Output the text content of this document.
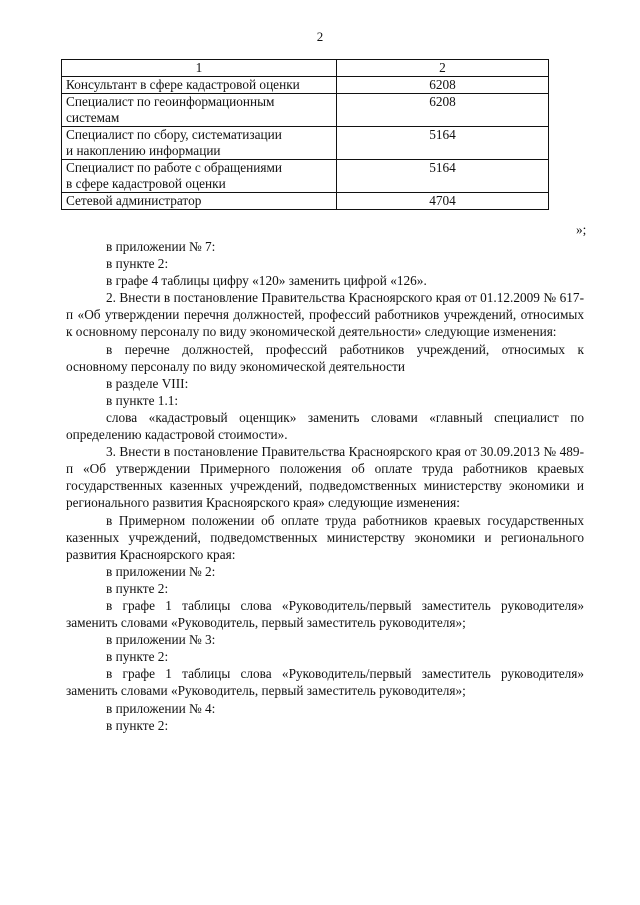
2
1	2
Консультант в сфере кадастровой оценки	6208
Специалист по геоинформационным
системам	6208
Специалист по сбору, систематизации
и накоплению информации	5164
Специалист по работе с обращениями
в сфере кадастровой оценки	5164
Сетевой администратор	4704
»;

в приложении № 7:

в пункте 2:

в графе 4 таблицы цифру «120» заменить цифрой «126».

2. Внести в постановление Правительства Красноярского края от 01.12.2009 № 617-п «Об утверждении перечня должностей, профессий работников учреждений, относимых к основному персоналу по виду экономической деятельности» следующие изменения:

в перечне должностей, профессий работников учреждений, относимых к основному персоналу по виду экономической деятельности

в разделе VIII:

в пункте 1.1:

слова «кадастровый оценщик» заменить словами «главный специалист по определению кадастровой стоимости».

3. Внести в постановление Правительства Красноярского края от 30.09.2013 № 489-п «Об утверждении Примерного положения об оплате труда работников краевых государственных казенных учреждений, подведомственных министерству экономики и регионального развития Красноярского края» следующие изменения:

в Примерном положении об оплате труда работников краевых государственных казенных учреждений, подведомственных министерству экономики и регионального развития Красноярского края:

в приложении № 2:

в пункте 2:

в графе 1 таблицы слова «Руководитель/первый заместитель руководителя» заменить словами «Руководитель, первый заместитель руководителя»;

в приложении № 3:

в пункте 2:

в графе 1 таблицы слова «Руководитель/первый заместитель руководителя» заменить словами «Руководитель, первый заместитель руководителя»;

в приложении № 4:

в пункте 2:
